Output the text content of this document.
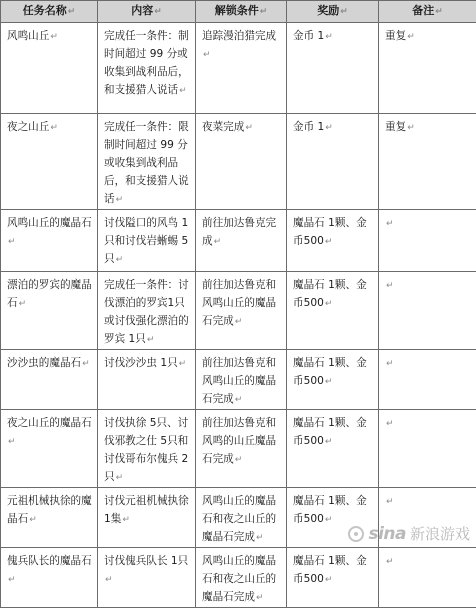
任务名称↵	内容↵	解锁条件↵	奖励↵	备注↵
风鸣山丘↵	完成任一条件：制时间超过 99 分或收集到战利品后，和支援猎人说话↵	追踪漫泊猎完成↵	金币 1↵	重复↵
夜之山丘↵	完成任一条件：限制时间超过 99 分或收集到战利品后，和支援猎人说话↵	夜菜完成↵	金币 1↵	重复↵
风鸣山丘的魔晶石↵	讨伐隘口的风鸟 1只和讨伐岩蜥蜴 5只↵	前往加达鲁克完成↵	魔晶石 1颗、金币500↵	↵
漂泊的罗宾的魔晶石↵	完成任一条件：讨伐漂泊的罗宾1只或讨伐强化漂泊的罗宾 1只↵	前往加达鲁克和风鸣山丘的魔晶石完成↵	魔晶石 1颗、金币500↵	↵
沙沙虫的魔晶石↵	讨伐沙沙虫 1只↵	前往加达鲁克和风鸣山丘的魔晶石完成↵	魔晶石 1颗、金币500↵	↵
夜之山丘的魔晶石↵	讨伐执徐 5只、讨伐邪教之仕 5只和讨伐哥布尔傀兵 2只↵	前往加达鲁克和风鸣的山丘魔晶石完成↵	魔晶石 1颗、金币500↵	↵
元祖机械执徐的魔晶石↵	讨伐元祖机械执徐 1集↵	风鸣山丘的魔晶石和夜之山丘的魔晶石完成↵	魔晶石 1颗、金币500↵	↵
傀兵队长的魔晶石↵	讨伐傀兵队长 1只↵	风鸣山丘的魔晶石和夜之山丘的魔晶石完成↵	魔晶石 1颗、金币500↵	↵
sina 新浪游戏
